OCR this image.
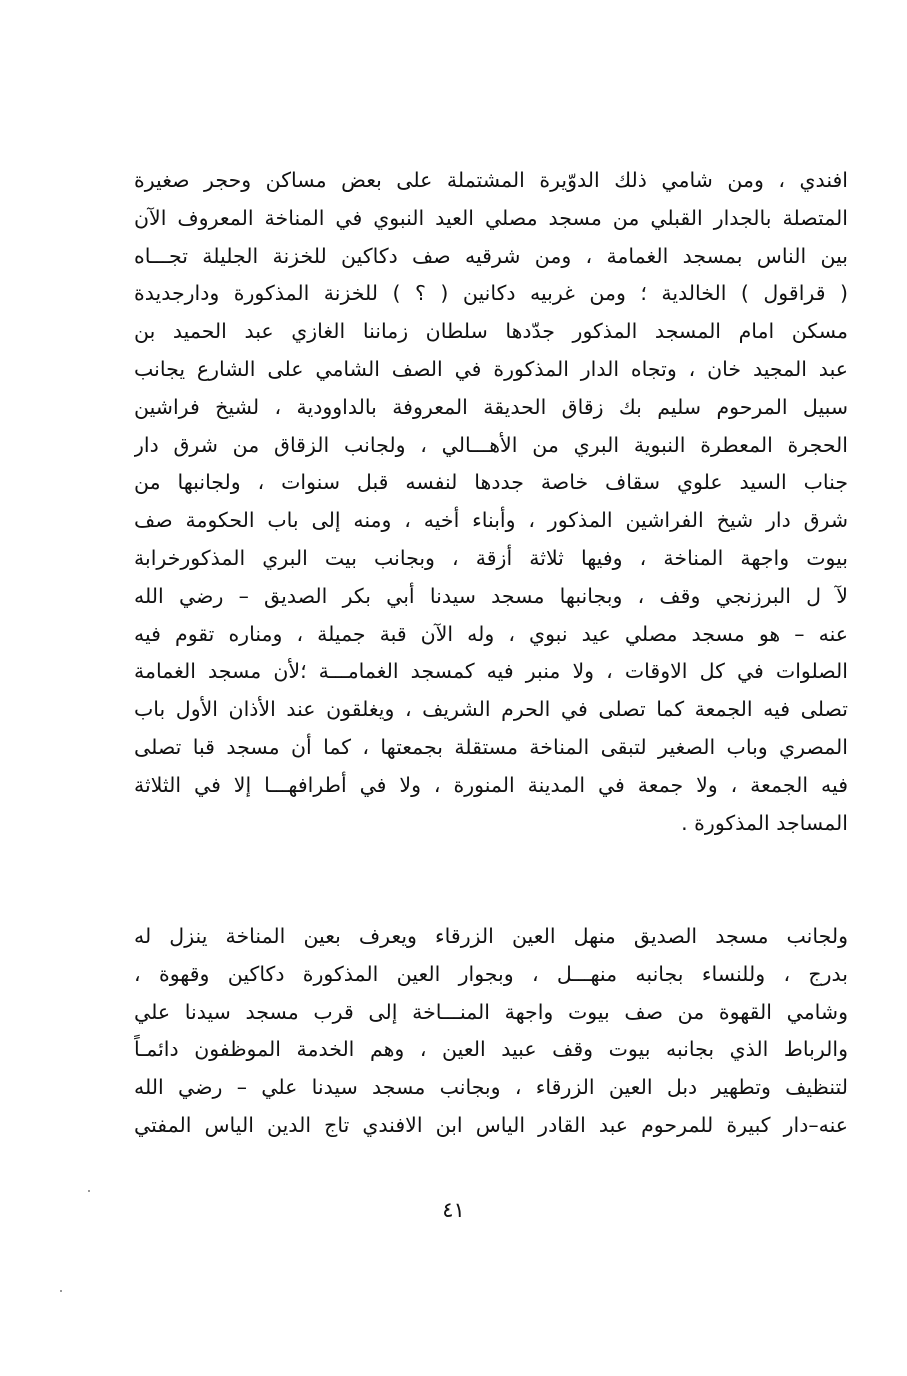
افندي ، ومن شامي ذلك الدوّيرة المشتملة على بعض مساكن وحجر صغيرة
المتصلة بالجدار القبلي من مسجد مصلي العيد النبوي في المناخة المعروف الآن
بين الناس بمسجد الغمامة ، ومن شرقيه صف دكاكين للخزنة الجليلة تجـــاه
( قراقول ) الخالدية ؛ ومن غربيه دكانين ( ؟ ) للخزنة المذكورة ودارجديدة
مسكن امام المسجد المذكور جدّدها سلطان زماننا الغازي عبد الحميد بن
عبد المجيد خان ، وتجاه الدار المذكورة في الصف الشامي على الشارع يجانب
سبيل المرحوم سليم بك زقاق الحديقة المعروفة بالداوودية ، لشيخ فراشين
الحجرة المعطرة النبوية البري من الأهـــالي ، ولجانب الزقاق من شرق دار
جناب السيد علوي سقاف خاصة جددها لنفسه قبل سنوات ، ولجانبها من
شرق دار شيخ الفراشين المذكور ، وأبناء أخيه ، ومنه إلى باب الحكومة صف
بيوت واجهة المناخة ، وفيها ثلاثة أزقة ، وبجانب بيت البري المذكورخرابة
لآ ل البرزنجي وقف ، وبجانبها مسجد سيدنا أبي بكر الصديق – رضي الله
عنه – هو مسجد مصلي عيد نبوي ، وله الآن قبة جميلة ، ومناره تقوم فيه
الصلوات في كل الاوقات ، ولا منبر فيه كمسجد الغمامـــة ؛لأن مسجد الغمامة
تصلى فيه الجمعة كما تصلى في الحرم الشريف ، ويغلقون عند الأذان الأول باب
المصري وباب الصغير لتبقى المناخة مستقلة بجمعتها ، كما أن مسجد قبا تصلى
فيه الجمعة ، ولا جمعة في المدينة المنورة ، ولا في أطرافهـــا إلا في الثلاثة
المساجد المذكورة .
ولجانب مسجد الصديق منهل العين الزرقاء ويعرف بعين المناخة ينزل له
بدرج ، وللنساء بجانبه منهـــل ، وبجوار العين المذكورة دكاكين وقهوة ،
وشامي القهوة من صف بيوت واجهة المنـــاخة إلى قرب مسجد سيدنا علي
والرباط الذي بجانبه بيوت وقف عبيد العين ، وهم الخدمة الموظفون دائمـاً
لتنظيف وتطهير دبل العين الزرقاء ، وبجانب مسجد سيدنا علي – رضي الله
عنه–دار كبيرة للمرحوم عبد القادر الياس ابن الافندي تاج الدين الياس المفتي
٤١
